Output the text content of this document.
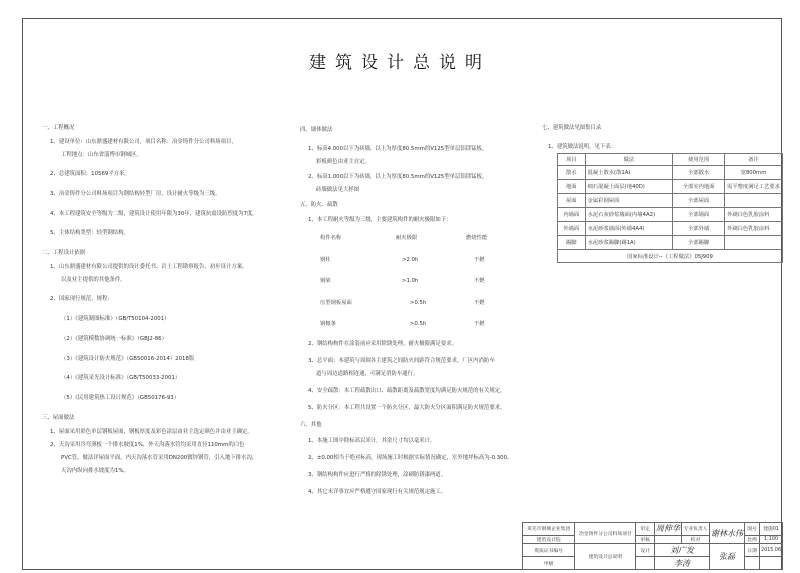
建筑设计总说明

一、工程概况

1、建设单位：山东鼎盛建材有限公司，项目名称：冶金铸件分公司料场项目，

工程地点：山东省淄博市钢城区。

2、总建筑面积：10569平方米。

3、冶金铸件分公司料场项目为钢结构轻型厂房，设计耐火等级为三级。

4、本工程建筑安全等级为二级，建筑设计使用年限为30年，建筑抗震设防烈度为7度。

5、主体结构类型：轻型钢结构。

二、工程设计依据

1、山东鼎盛建材有限公司提供的设计委托书、岩土工程勘察报告、初步设计方案，

以及业主提供的其他条件。

2、国家现行规范、规程：

（1）《建筑制图标准》（GB/T50104-2001）

（2）《建筑模数协调统一标准》（GBJ2-86）

（3）《建筑设计防火规范》（GB50016-2014）2018版

（4）《建筑采光设计标准》（GB/T50033-2001）

（5）《民用建筑热工设计规范》（GB50176-93）

三、屋面做法

1、屋面采用彩色单层钢板屋面，钢板厚度及彩色涂层由业主选定颜色并由业主确定。

2、天沟采用冷弯薄板一个排水坡度1%，外天沟落水管均采用直径110mm的白色

PVC管，做法详屋面平面，内天沟落水管采用DN200镀锌钢管，引入地下排水沟，

天沟内纵向排水坡度为1%。

四、墙体做法

1、标高4.000以下为砖墙，以上为厚度80.5mm的V125型单层铝镁锰板，

彩板颜色由业主自定。

2、标高1.000以下为砖墙，以上为厚度80.5mm的V125型单层铝镁锰板，

砖墙做法见大样图

五、防火、疏散

1、本工程耐火等级为三级，主要建筑构件的耐火极限如下：

构件名称	耐火极限	燃烧性能
钢柱	>2.0h	不燃
钢梁	>1.0h	不燃
压型钢板屋面	>0.5h	不燃
钢檩条	>0.5h	不燃

2、钢结构构件在涂装前应采用除锈处理，耐火极限满足要求。

3、总平面：本建筑与周围各主建筑之间防火间距符合规范要求，厂区内消防车

道与周边道路相连通，可满足消防车通行。

4、安全疏散：本工程疏散出口、疏散距离及疏散宽度均满足防火规范的有关规定。

5、防火分区：本工程共设置一个防火分区，最大防火分区面积满足防火规范要求。

六、其他

1、本施工图中除标高以米计，其余尺寸均以毫米计。

2、±0.00相当于绝对标高，现场施工时根据实际情况确定，室外地坪标高为-0.300。

3、钢结构构件应进行严格的除锈处理，涂刷防锈漆两道。

4、其它未详事宜应严格遵守国家现行有关规范规定施工。

七、建筑做法见图集目录

1、建筑做法说明，见下表：

项目	做法	使用范围	备注
散水	混凝土散水(散1A)	全部散水	宽800mm
地面	细石混凝土面层(地40D)	全部室内地面	需平整度满足工艺要求
屋面	金属彩钢屋面	全部屋面	
内墙面	水泥石灰砂浆墙面(内墙4A2)	全部墙面	外刷白色乳胶涂料
外墙面	水泥砂浆墙面(外墙4A4)	全部外墙	外刷白色乳胶涂料
踢脚	水泥砂浆踢脚(踢1A)	全部踢脚	
国家标准设计--《工程做法》05J909			
莱芜市钢城企业集团	冶金铸件分公司料场项目	审定	周伸华	专业负责人	谢林水伟	图号	建施01
建筑设计院		审核		校对		比例	1:100
资质证书编号	建筑设计总说明	设计	刘广发		张磊	日期	2015.06
甲级			李涛				
